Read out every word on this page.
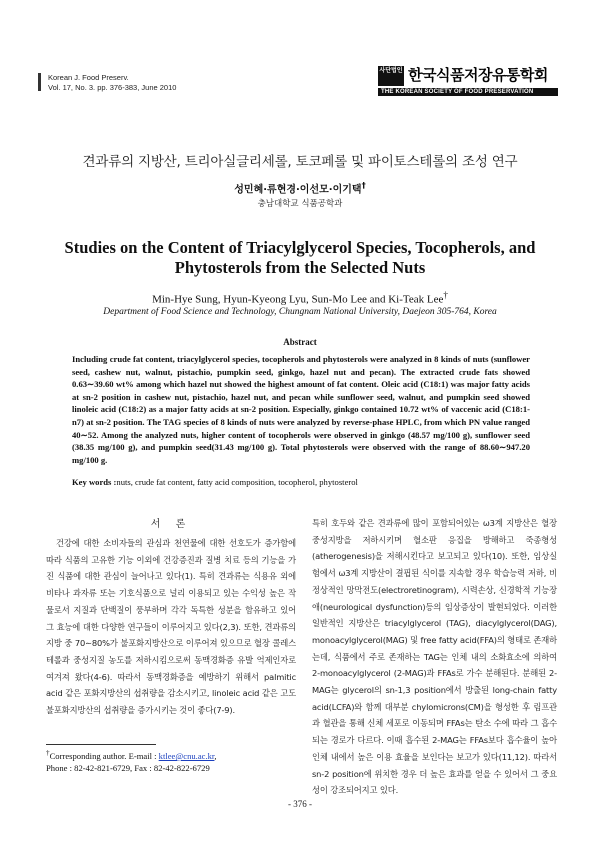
Korean J. Food Preserv.
Vol. 17, No. 3. pp. 376-383, June 2010
사단법인 한국식품저장유통학회
THE KOREAN SOCIETY OF FOOD PRESERVATION
견과류의 지방산, 트리아실글리세롤, 토코페롤 및 파이토스테롤의 조성 연구
성민혜·류현경·이선모·이기택†
충남대학교 식품공학과
Studies on the Content of Triacylglycerol Species, Tocopherols, and Phytosterols from the Selected Nuts
Min-Hye Sung, Hyun-Kyeong Lyu, Sun-Mo Lee and Ki-Teak Lee†
Department of Food Science and Technology, Chungnam National University, Daejeon 305-764, Korea
Abstract
Including crude fat content, triacylglycerol species, tocopherols and phytosterols were analyzed in 8 kinds of nuts (sunflower seed, cashew nut, walnut, pistachio, pumpkin seed, ginkgo, hazel nut and pecan). The extracted crude fats showed 0.63∼39.60 wt% among which hazel nut showed the highest amount of fat content. Oleic acid (C18:1) was major fatty acids at sn-2 position in cashew nut, pistachio, hazel nut, and pecan while sunflower seed, walnut, and pumpkin seed showed linoleic acid (C18:2) as a major fatty acids at sn-2 position. Especially, ginkgo contained 10.72 wt% of vaccenic acid (C18:1-n7) at sn-2 position. The TAG species of 8 kinds of nuts were analyzed by reverse-phase HPLC, from which PN value ranged 40∼52. Among the analyzed nuts, higher content of tocopherols were observed in ginkgo (48.57 mg/100 g), sunflower seed (38.35 mg/100 g), and pumpkin seed(31.43 mg/100 g). Total phytosterols were observed with the range of 88.60∼947.20 mg/100 g.
Key words :nuts, crude fat content, fatty acid composition, tocopherol, phytosterol
서 론
건강에 대한 소비자들의 관심과 천연물에 대한 선호도가 증가함에 따라 식품의 고유한 기능 이외에 건강증진과 질병 치료 등의 기능을 가진 식품에 대한 관심이 늘어나고 있다(1). 특히 견과류는 식용유 외에 비타나 과자류 또는 기호식품으로 널리 이용되고 있는 수익성 높은 작물로서 지질과 단백질이 풍부하며 각각 독특한 성분을 함유하고 있어 그 효능에 대한 다양한 연구들이 이루어지고 있다(2,3). 또한, 견과류의 지방 중 70∼80%가 불포화지방산으로 이루어져 있으므로 혈장 콜레스테롤과 중성지질 농도를 저하시킴으로써 동맥경화증 유발 억제인자로 여겨져 왔다(4-6). 따라서 동맥경화증을 예방하기 위해서 palmitic acid 같은 포화지방산의 섭취량을 감소시키고, linoleic acid 같은 고도 불포화지방산의 섭취량을 증가시키는 것이 좋다(7-9).
특히 호두와 같은 견과류에 많이 포함되어있는 ω3계 지방산은 혈장 중성지방을 저하시키며 혈소판 응집을 방해하고 죽종형성(atherogenesis)을 저해시킨다고 보고되고 있다(10). 또한, 임상실험에서 ω3계 지방산이 결핍된 식이를 지속할 경우 학습능력 저하, 비정상적인 망막전도(electroretinogram), 시력손상, 신경학적 기능장애(neurological dysfunction)등의 임상증상이 발현되었다. 이러한 일반적인 지방산은 triacylglycerol (TAG), diacylglycerol(DAG), monoacylglycerol(MAG) 및 free fatty acid(FFA)의 형태로 존재하는데, 식품에서 주로 존재하는 TAG는 인체 내의 소화효소에 의하여 2-monoacylglycerol (2-MAG)과 FFAs로 가수 분해된다. 분해된 2-MAG는 glycerol의 sn-1,3 position에서 방출된 long-chain fatty acid(LCFA)와 함께 대부분 chylomicrons(CM)을 형성한 후 림프관과 혈관을 통해 신체 세포로 이동되며 FFAs는 탄소 수에 따라 그 흡수되는 경로가 다르다. 이때 흡수된 2-MAG는 FFAs보다 흡수율이 높아 인체 내에서 높은 이용 효율을 보인다는 보고가 있다(11,12). 따라서 sn-2 position에 위치한 경우 더 높은 효과를 얻을 수 있어서 그 중요성이 강조되어지고 있다.
†Corresponding author. E-mail : ktlee@cnu.ac.kr,
Phone : 82-42-821-6729, Fax : 82-42-822-6729
- 376 -
